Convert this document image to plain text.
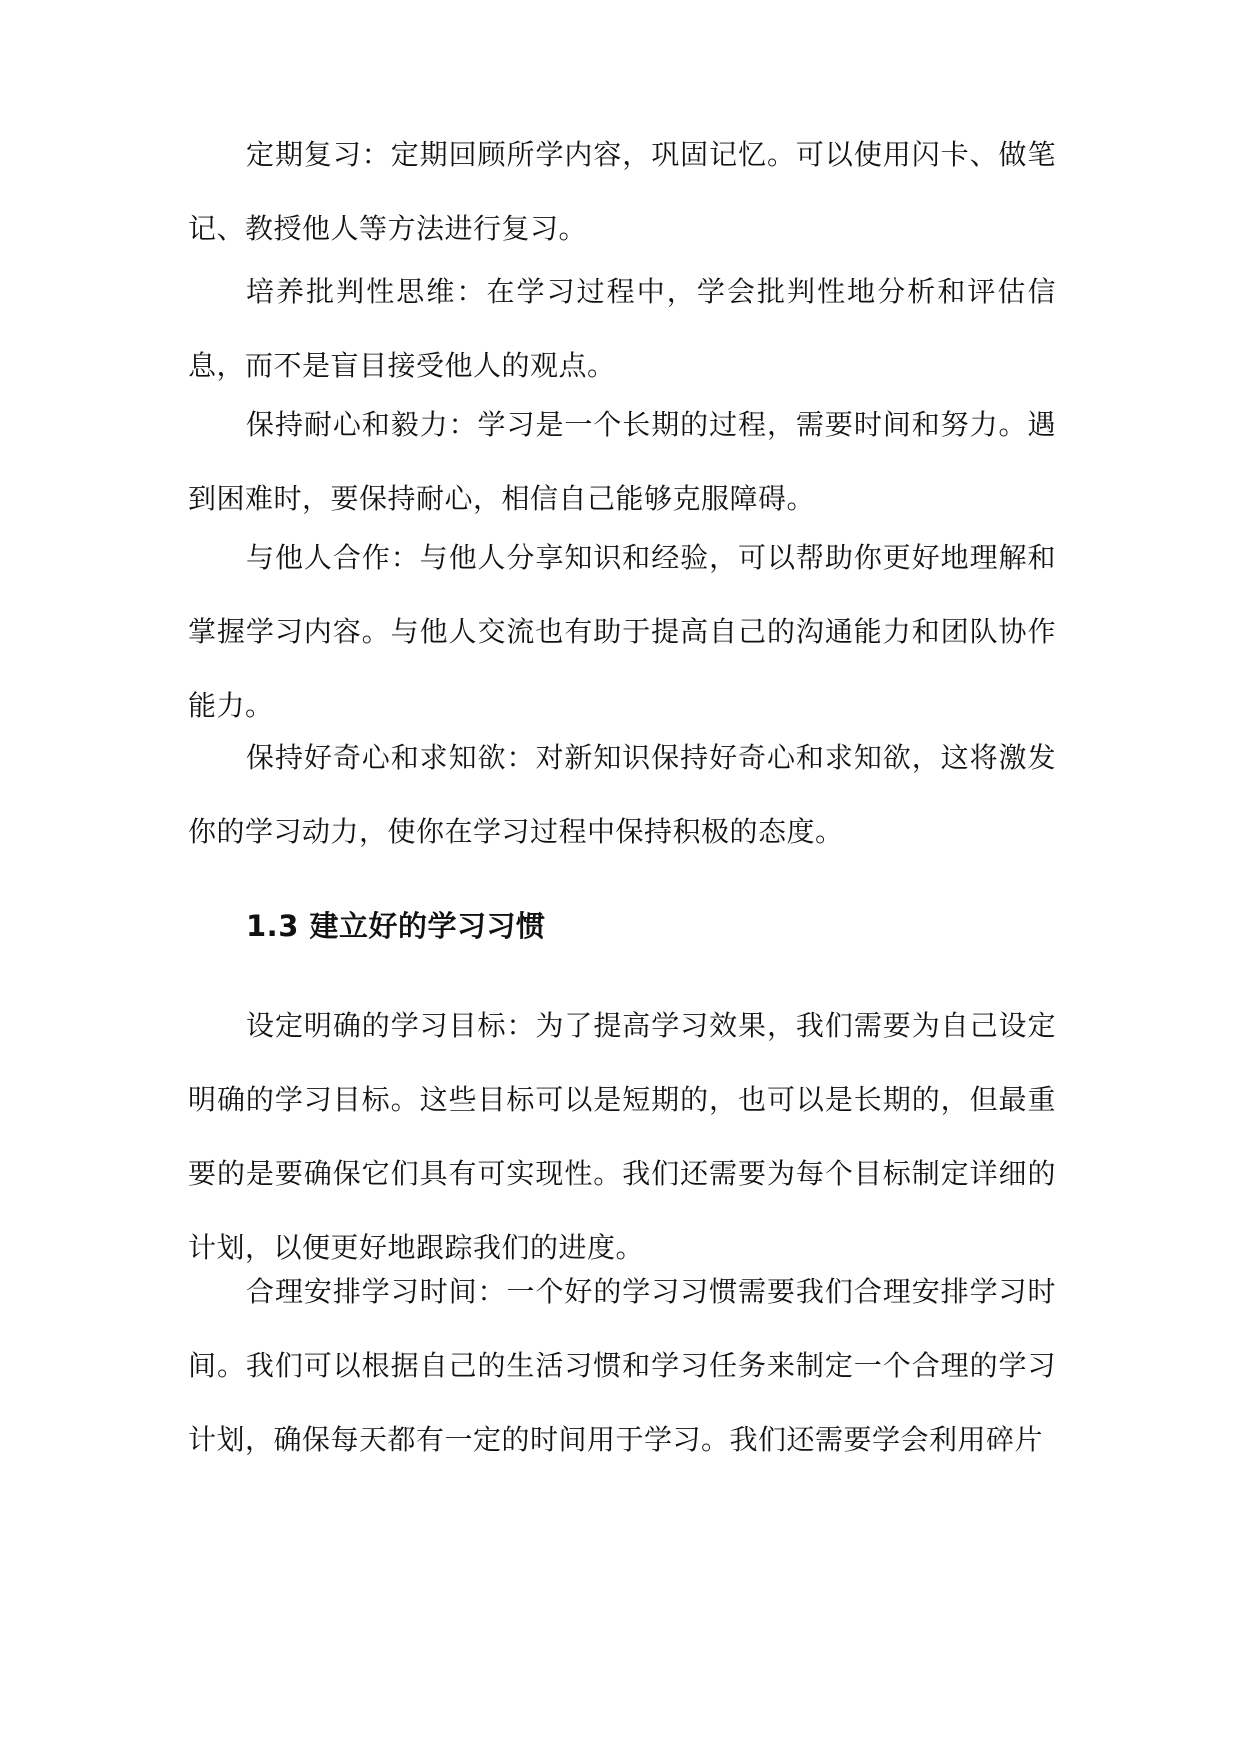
定期复习：定期回顾所学内容，巩固记忆。可以使用闪卡、做笔记、教授他人等方法进行复习。

培养批判性思维：在学习过程中，学会批判性地分析和评估信息，而不是盲目接受他人的观点。

保持耐心和毅力：学习是一个长期的过程，需要时间和努力。遇到困难时，要保持耐心，相信自己能够克服障碍。

与他人合作：与他人分享知识和经验，可以帮助你更好地理解和掌握学习内容。与他人交流也有助于提高自己的沟通能力和团队协作能力。

保持好奇心和求知欲：对新知识保持好奇心和求知欲，这将激发你的学习动力，使你在学习过程中保持积极的态度。

1.3 建立好的学习习惯

设定明确的学习目标：为了提高学习效果，我们需要为自己设定明确的学习目标。这些目标可以是短期的，也可以是长期的，但最重要的是要确保它们具有可实现性。我们还需要为每个目标制定详细的计划，以便更好地跟踪我们的进度。

合理安排学习时间：一个好的学习习惯需要我们合理安排学习时间。我们可以根据自己的生活习惯和学习任务来制定一个合理的学习计划，确保每天都有一定的时间用于学习。我们还需要学会利用碎片
